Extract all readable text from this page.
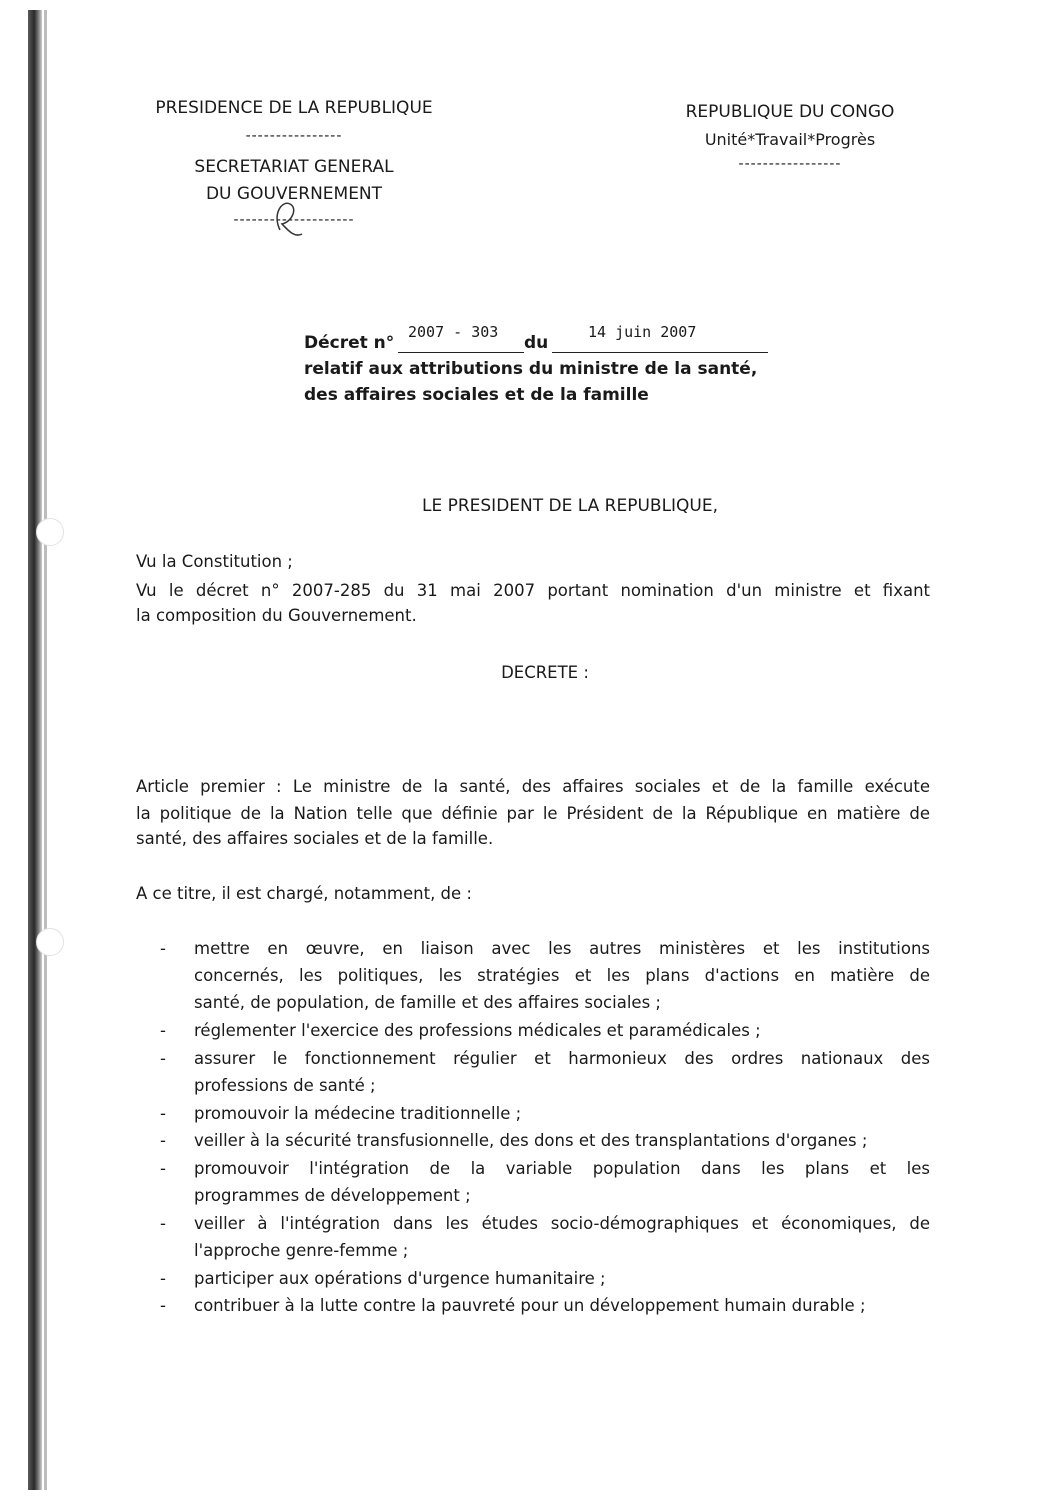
PRESIDENCE DE LA REPUBLIQUE
----------------
SECRETARIAT GENERAL
DU GOUVERNEMENT
--------------------
REPUBLIQUE DU CONGO
Unité*Travail*Progrès
-----------------
Décret n°
2007 - 303
du
14 juin 2007
relatif aux attributions du ministre de la santé,
des affaires sociales et de la famille
LE PRESIDENT DE LA REPUBLIQUE,
Vu la Constitution ;
Vu le décret n° 2007-285 du 31 mai 2007 portant nomination d'un ministre et fixant
la composition du Gouvernement.
DECRETE :
Article premier : Le ministre de la santé, des affaires sociales et de la famille exécute
la politique de la Nation telle que définie par le Président de la République en matière de
santé, des affaires sociales et de la famille.
A ce titre, il est chargé, notamment, de :
- mettre en œuvre, en liaison avec les autres ministères et les institutions
concernés, les politiques, les stratégies et les plans d'actions en matière de
santé, de population, de famille et des affaires sociales ;
- réglementer l'exercice des professions médicales et paramédicales ;
- assurer le fonctionnement régulier et harmonieux des ordres nationaux des
professions de santé ;
- promouvoir la médecine traditionnelle ;
- veiller à la sécurité transfusionnelle, des dons et des transplantations d'organes ;
- promouvoir l'intégration de la variable population dans les plans et les
programmes de développement ;
- veiller à l'intégration dans les études socio-démographiques et économiques, de
l'approche genre-femme ;
- participer aux opérations d'urgence humanitaire ;
- contribuer à la lutte contre la pauvreté pour un développement humain durable ;
